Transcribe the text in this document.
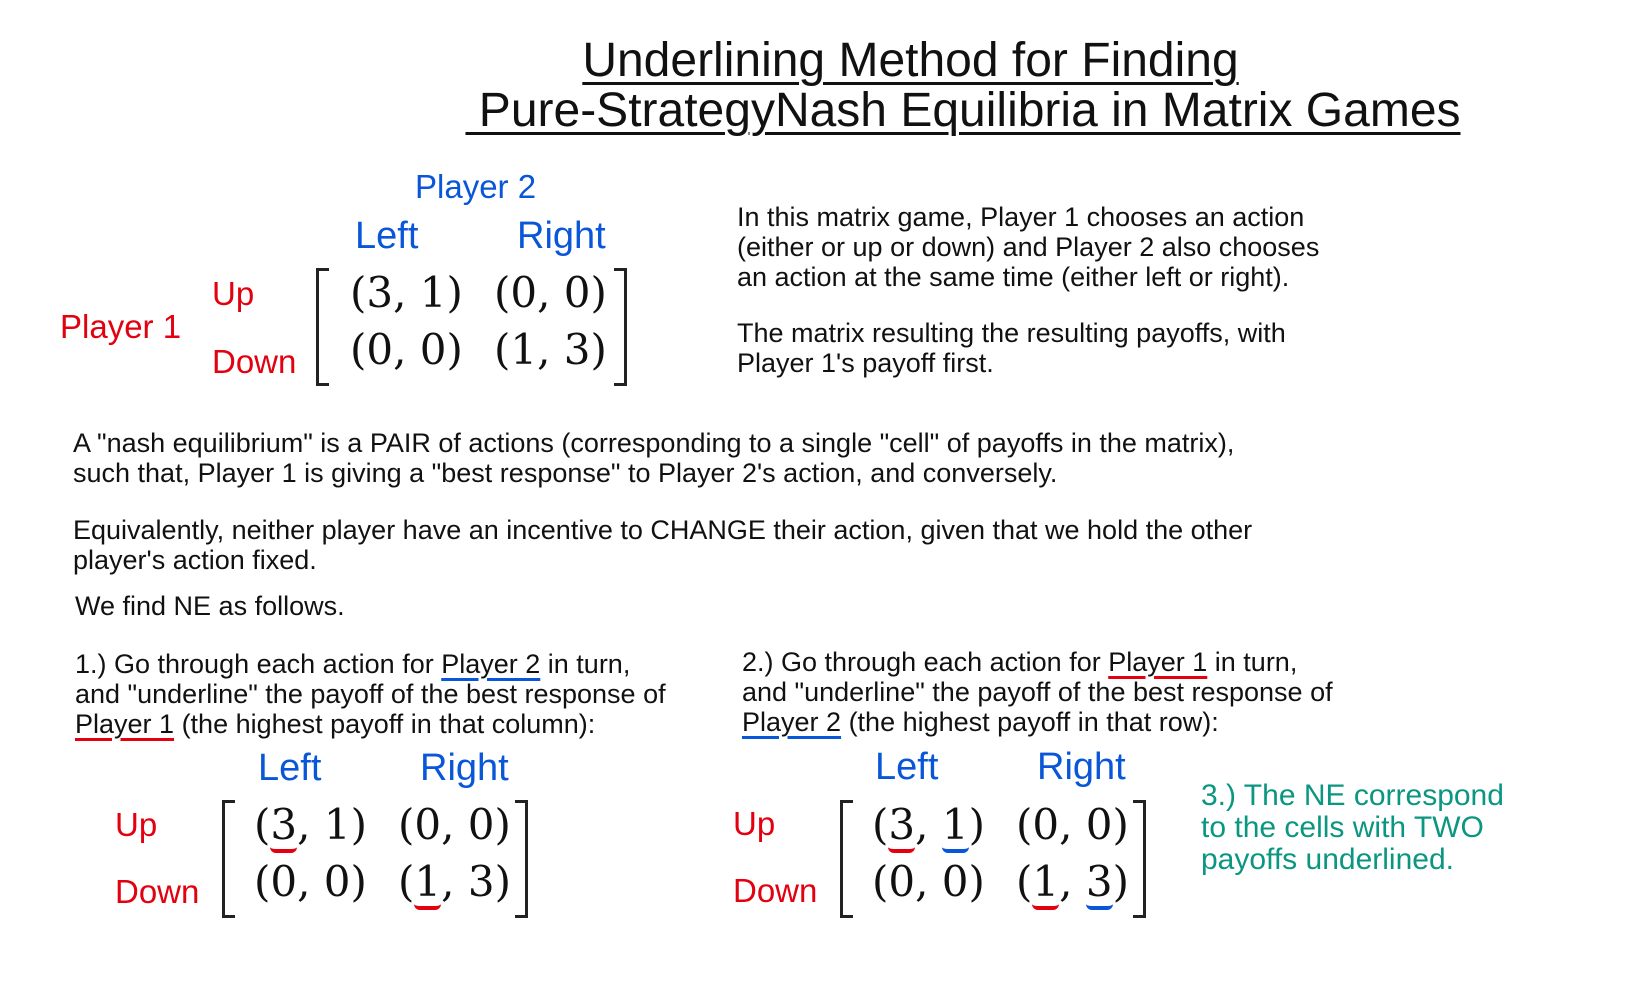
Underlining Method for Finding
Pure-StrategyNash Equilibria in Matrix Games
Player 2
Left	Right
Player 1
Up
Down
(3, 1) (0, 0)
(0, 0) (1, 3)
In this matrix game, Player 1 chooses an action
(either or up or down) and Player 2 also chooses
an action at the same time (either left or right).
The matrix resulting the resulting payoffs, with
Player 1's payoff first.
A "nash equilibrium" is a PAIR of actions (corresponding to a single "cell" of payoffs in the matrix),
such that, Player 1 is giving a "best response" to Player 2's action, and conversely.
Equivalently, neither player have an incentive to CHANGE their action, given that we hold the other
player's action fixed.
We find NE as follows.
1.) Go through each action for Player 2 in turn,
and "underline" the payoff of the best response of
Player 1 (the highest payoff in that column):
2.) Go through each action for Player 1 in turn,
and "underline" the payoff of the best response of
Player 2 (the highest payoff in that row):
Left	Right
Up
Down
(3, 1) (0, 0)
(0, 0) (1, 3)
Left	Right
Up
Down
(3, 1) (0, 0)
(0, 0) (1, 3)
3.) The NE correspond
to the cells with TWO
payoffs underlined.
